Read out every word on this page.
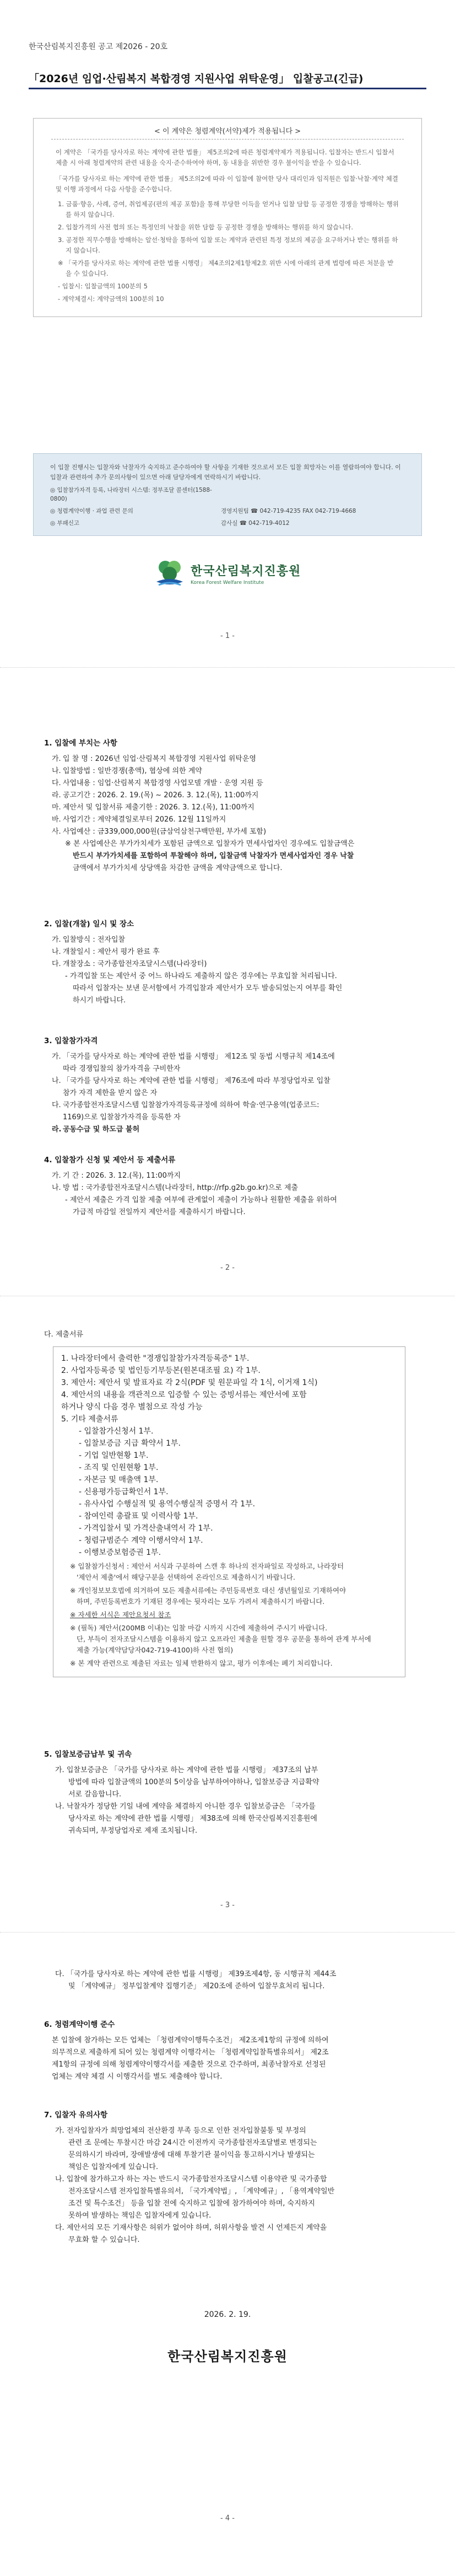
한국산림복지진흥원 공고 제2026 - 20호
「2026년 임업·산림복지 복합경영 지원사업 위탁운영」 입찰공고(긴급)
< 이 계약은 청렴계약(서약)제가 적용됩니다 >
이 계약은 「국가를 당사자로 하는 계약에 관한 법률」 제5조의2에 따른 청렴계약제가 적용됩니다. 입찰자는 반드시 입찰서 제출 시 아래 청렴계약의 관련 내용을 숙지·준수하여야 하며, 동 내용을 위반한 경우 불이익을 받을 수 있습니다.
「국가를 당사자로 하는 계약에 관한 법률」 제5조의2에 따라 이 입찰에 참여한 당사 대리인과 임직원은 입찰·낙찰·계약 체결 및 이행 과정에서 다음 사항을 준수합니다.
1. 금품·향응, 사례, 증여, 취업제공(편의 제공 포함)을 통해 부당한 이득을 얻거나 입찰 담합 등 공정한 경쟁을 방해하는 행위를 하지 않습니다.
2. 입찰가격의 사전 협의 또는 특정인의 낙찰을 위한 담합 등 공정한 경쟁을 방해하는 행위를 하지 않습니다.
3. 공정한 직무수행을 방해하는 알선·청탁을 통하여 입찰 또는 계약과 관련된 특정 정보의 제공을 요구하거나 받는 행위를 하지 않습니다.
※ 「국가를 당사자로 하는 계약에 관한 법률 시행령」 제4조의2제1항제2호 위반 시에 아래의 관계 법령에 따른 처분을 받을 수 있습니다.
- 입찰시: 입찰금액의 100분의 5
- 계약체결시: 계약금액의 100분의 10
이 입찰 진행시는 입찰자와 낙찰자가 숙지하고 준수하여야 할 사항을 기재한 것으로서 모든 입찰 희망자는 이를 열람하여야 합니다. 이 입찰과 관련하여 추가 문의사항이 있으면 아래 담당자에게 연락하시기 바랍니다.
◎ 입찰참가자격 등록, 나라장터 시스템: 정부조달 콜센터(1588-0800)
◎ 청렴계약이행 · 과업 관련 문의	경영지원팀 ☎ 042-719-4235 FAX 042-719-4668
◎ 부패신고	감사실 ☎ 042-719-4012
한국산림복지진흥원
Korea Forest Welfare Institute
- 1 -
1. 입찰에 부치는 사항
가. 입 찰 명 : 2026년 임업·산림복지 복합경영 지원사업 위탁운영
나. 입찰방법 : 일반경쟁(총액), 협상에 의한 계약
다. 사업내용 : 임업·산림복지 복합경영 사업모델 개발 · 운영 지원 등
라. 공고기간 : 2026. 2. 19.(목) ~ 2026. 3. 12.(목), 11:00까지
마. 제안서 및 입찰서류 제출기한 : 2026. 3. 12.(목), 11:00까지
바. 사업기간 : 계약체결일로부터 2026. 12월 11일까지
사. 사업예산 : 금339,000,000원(금삼억삼천구백만원, 부가세 포함)
※ 본 사업예산은 부가가치세가 포함된 금액으로 입찰자가 면세사업자인 경우에도 입찰금액은
반드시 부가가치세를 포함하여 투찰해야 하며, 입찰금액 낙찰자가 면세사업자인 경우 낙찰
금액에서 부가가치세 상당액을 차감한 금액을 계약금액으로 합니다.
2. 입찰(개찰) 일시 및 장소
가. 입찰방식 : 전자입찰
나. 개찰일시 : 제안서 평가 완료 후
다. 개찰장소 : 국가종합전자조달시스템(나라장터)
- 가격입찰 또는 제안서 중 어느 하나라도 제출하지 않은 경우에는 무효입찰 처리됩니다.
따라서 입찰자는 보낸 문서함에서 가격입찰과 제안서가 모두 발송되었는지 여부를 확인
하시기 바랍니다.
3. 입찰참가자격
가. 「국가를 당사자로 하는 계약에 관한 법률 시행령」 제12조 및 동법 시행규칙 제14조에
따라 경쟁입찰의 참가자격을 구비한자
나. 「국가를 당사자로 하는 계약에 관한 법률 시행령」 제76조에 따라 부정당업자로 입찰
참가 자격 제한을 받지 않은 자
다. 국가종합전자조달시스템 입찰참가자격등록규정에 의하여 학술·연구용역(업종코드:
1169)으로 입찰참가자격을 등록한 자
라. 공동수급 및 하도급 불허
4. 입찰참가 신청 및 제안서 등 제출서류
가. 기 간 : 2026. 3. 12.(목), 11:00까지
나. 방 법 : 국가종합전자조달시스템(나라장터, http://rfp.g2b.go.kr)으로 제출
- 제안서 제출은 가격 입찰 제출 여부에 관계없이 제출이 가능하나 원활한 제출을 위하여
가급적 마감일 전일까지 제안서를 제출하시기 바랍니다.
- 2 -
다. 제출서류
1. 나라장터에서 출력한 "경쟁입찰참가자격등록증" 1부.
2. 사업자등록증 및 법인등기부등본(원본대조필 요) 각 1부.
3. 제안서: 제안서 및 발표자료 각 2식(PDF 및 원문파일 각 1식, 이거재 1식)
4. 제안서의 내용을 객관적으로 입증할 수 있는 증빙서류는 제안서에 포함
하거나 양식 다음 경우 별첨으로 작성 가능
5. 기타 제출서류
- 입찰참가신청서 1부.
- 입찰보증금 지급 확약서 1부.
- 기업 일반현황 1부.
- 조직 및 인원현황 1부.
- 자본금 및 매출액 1부.
- 신용평가등급확인서 1부.
- 유사사업 수행실적 및 용역수행실적 증명서 각 1부.
- 참여인력 총괄표 및 이력사항 1부.
- 가격입찰서 및 가격산출내역서 각 1부.
- 청렴규범준수 계약 이행서약서 1부.
- 이행보증보험증권 1부.
※ 입찰참가신청서 : 제안서 서식과 구분하여 스캔 후 하나의 전자파일로 작성하고, 나라장터
'제안서 제출'에서 해당구분을 선택하여 온라인으로 제출하시기 바랍니다.
※ 개인정보보호법에 의거하여 모든 제출서류에는 주민등록번호 대신 생년월일로 기재하여야
하며, 주민등록번호가 기재된 경우에는 뒷자리는 모두 가려서 제출하시기 바랍니다.
※ 자세한 서식은 제안요청서 참조
※ (필독) 제안서(200MB 이내)는 입찰 마감 시까지 시간에 제출하여 주시기 바랍니다.
단, 부득이 전자조달시스템을 이용하지 않고 오프라인 제출을 원할 경우 공문을 통하여 관계 부서에
제출 가능(계약담당자042-719-4100)하 사전 협의)
※ 본 계약 관련으로 제출된 자료는 일체 반환하지 않고, 평가 이후에는 폐기 처리합니다.
5. 입찰보증금납부 및 귀속
가. 입찰보증금은 「국가를 당사자로 하는 계약에 관한 법률 시행령」 제37조의 납부
방법에 따라 입찰금액의 100분의 5이상을 납부하여야하나, 입찰보증금 지급확약
서로 갈음합니다.
나. 낙찰자가 정당한 기일 내에 계약을 체결하지 아니한 경우 입찰보증금은 「국가를
당사자로 하는 계약에 관한 법률 시행령」 제38조에 의해 한국산림복지진흥원에
귀속되며, 부정당업자로 제재 조치됩니다.
- 3 -
다. 「국가를 당사자로 하는 계약에 관한 법률 시행령」 제39조제4항, 동 시행규칙 제44조
및 「계약예규」 정부입찰계약 집행기준」 제20조에 준하여 입찰무효처리 됩니다.
6. 청렴계약이행 준수
본 입찰에 참가하는 모든 업체는 「청렴계약이행특수조건」 제2조제1항의 규정에 의하여
의무적으로 제출하게 되어 있는 청렴계약 이행각서는 「청렴계약입찰특별유의서」 제2조
제1항의 규정에 의해 청렴계약이행각서를 제출한 것으로 간주하며, 최종낙찰자로 선정된
업체는 계약 체결 시 이행각서를 별도 제출해야 합니다.
7. 입찰자 유의사항
가. 전자입찰자가 희망업체의 전산환경 부족 등으로 인한 전자입찰불통 및 부정의
관련 조 문에는 투찰시간 마감 24시간 이전까지 국가종합전자조달별로 변경되는
문의하시기 바라며, 장애발생에 대해 투찰기관 불이익을 통고하시거나 발생되는
책임은 입찰자에게 있습니다.
나. 입찰에 참가하고자 하는 자는 반드시 국가종합전자조달시스템 이용약관 및 국가종합
전자조달시스템 전자입찰특별유의서, 「국가계약법」, 「계약예규」, 「용역계약일반
조건 및 특수조건」 등을 입찰 전에 숙지하고 입찰에 참가하여야 하며, 숙지하지
못하여 발생하는 책임은 입찰자에게 있습니다.
다. 제안서의 모든 기재사항은 허위가 없어야 하며, 허위사항을 발견 시 언제든지 계약을
무효화 할 수 있습니다.
2026. 2. 19.
한국산림복지진흥원
- 4 -
